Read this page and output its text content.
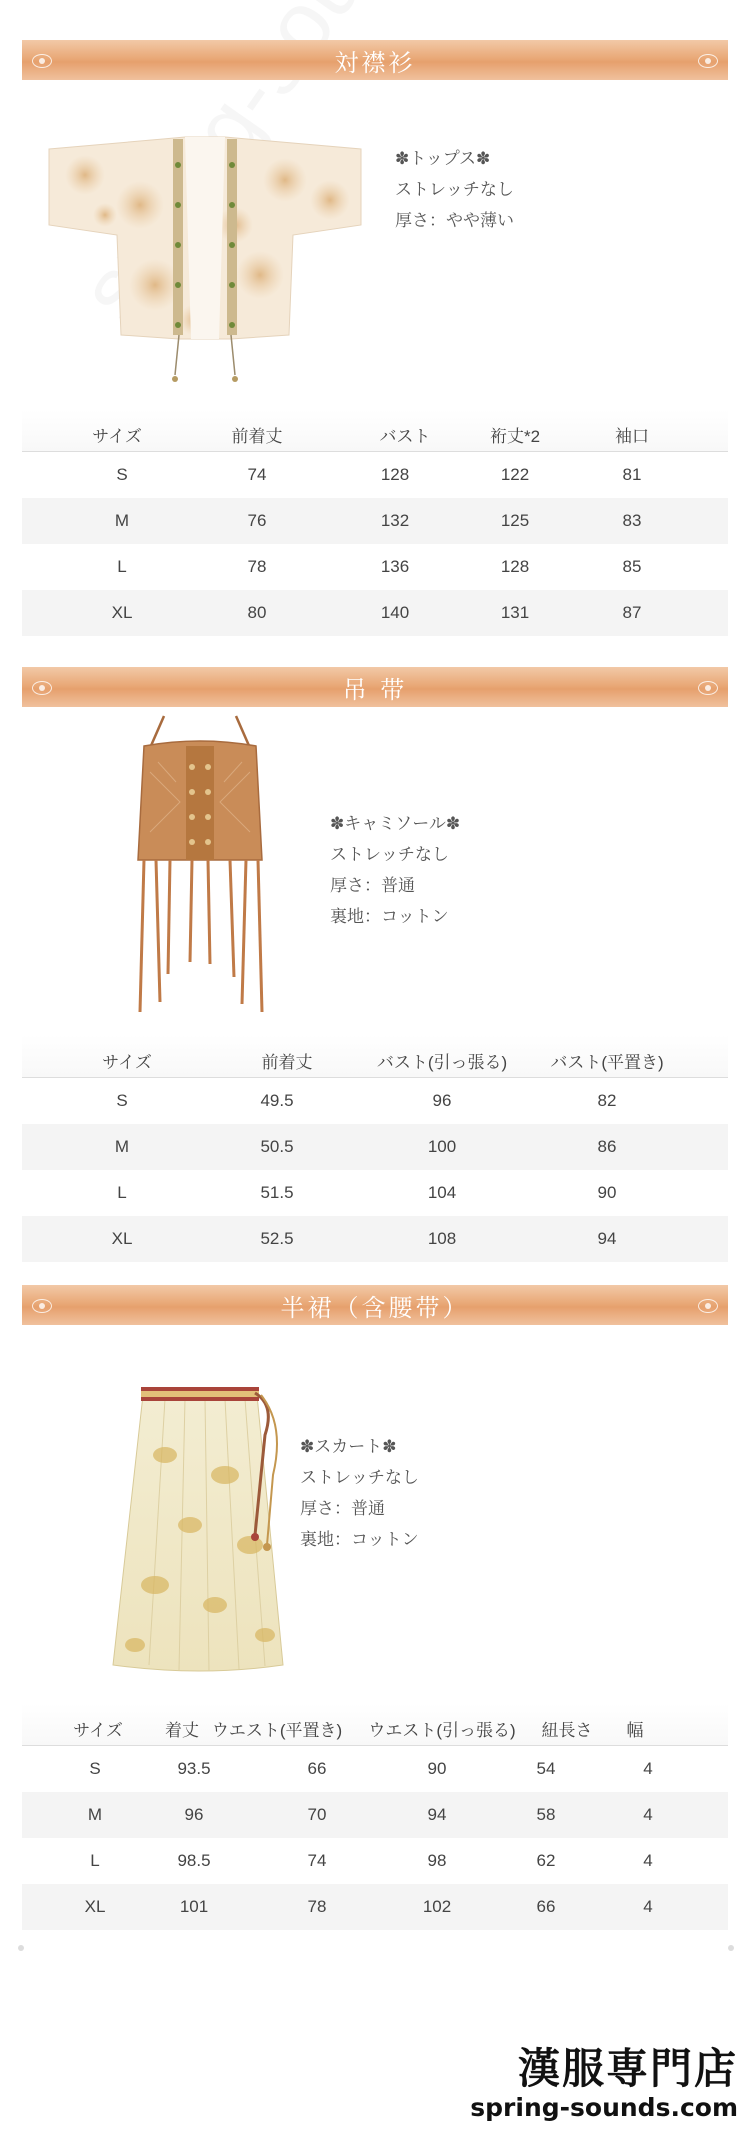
対襟衫
✽トップス✽
ストレッチなし
厚さ：やや薄い
サイズ	前着丈	バスト	裄丈*2	袖口
S	74	128	122	81
M	76	132	125	83
L	78	136	128	85
XL	80	140	131	87
吊 带
✽キャミソール✽
ストレッチなし
厚さ：普通
裏地：コットン
サイズ	前着丈	バスト(引っ張る)	バスト(平置き)
S	49.5	96	82
M	50.5	100	86
L	51.5	104	90
XL	52.5	108	94
半裙（含腰带）
✽スカート✽
ストレッチなし
厚さ：普通
裏地：コットン
サイズ 着丈 ウエスト(平置き) ウエスト(引っ張る) 紐長さ 幅
S	93.5	66	90	54	4
M	96	70	94	58	4
L	98.5	74	98	62	4
XL	101	78	102	66	4
漢服専門店
spring-sounds.com
